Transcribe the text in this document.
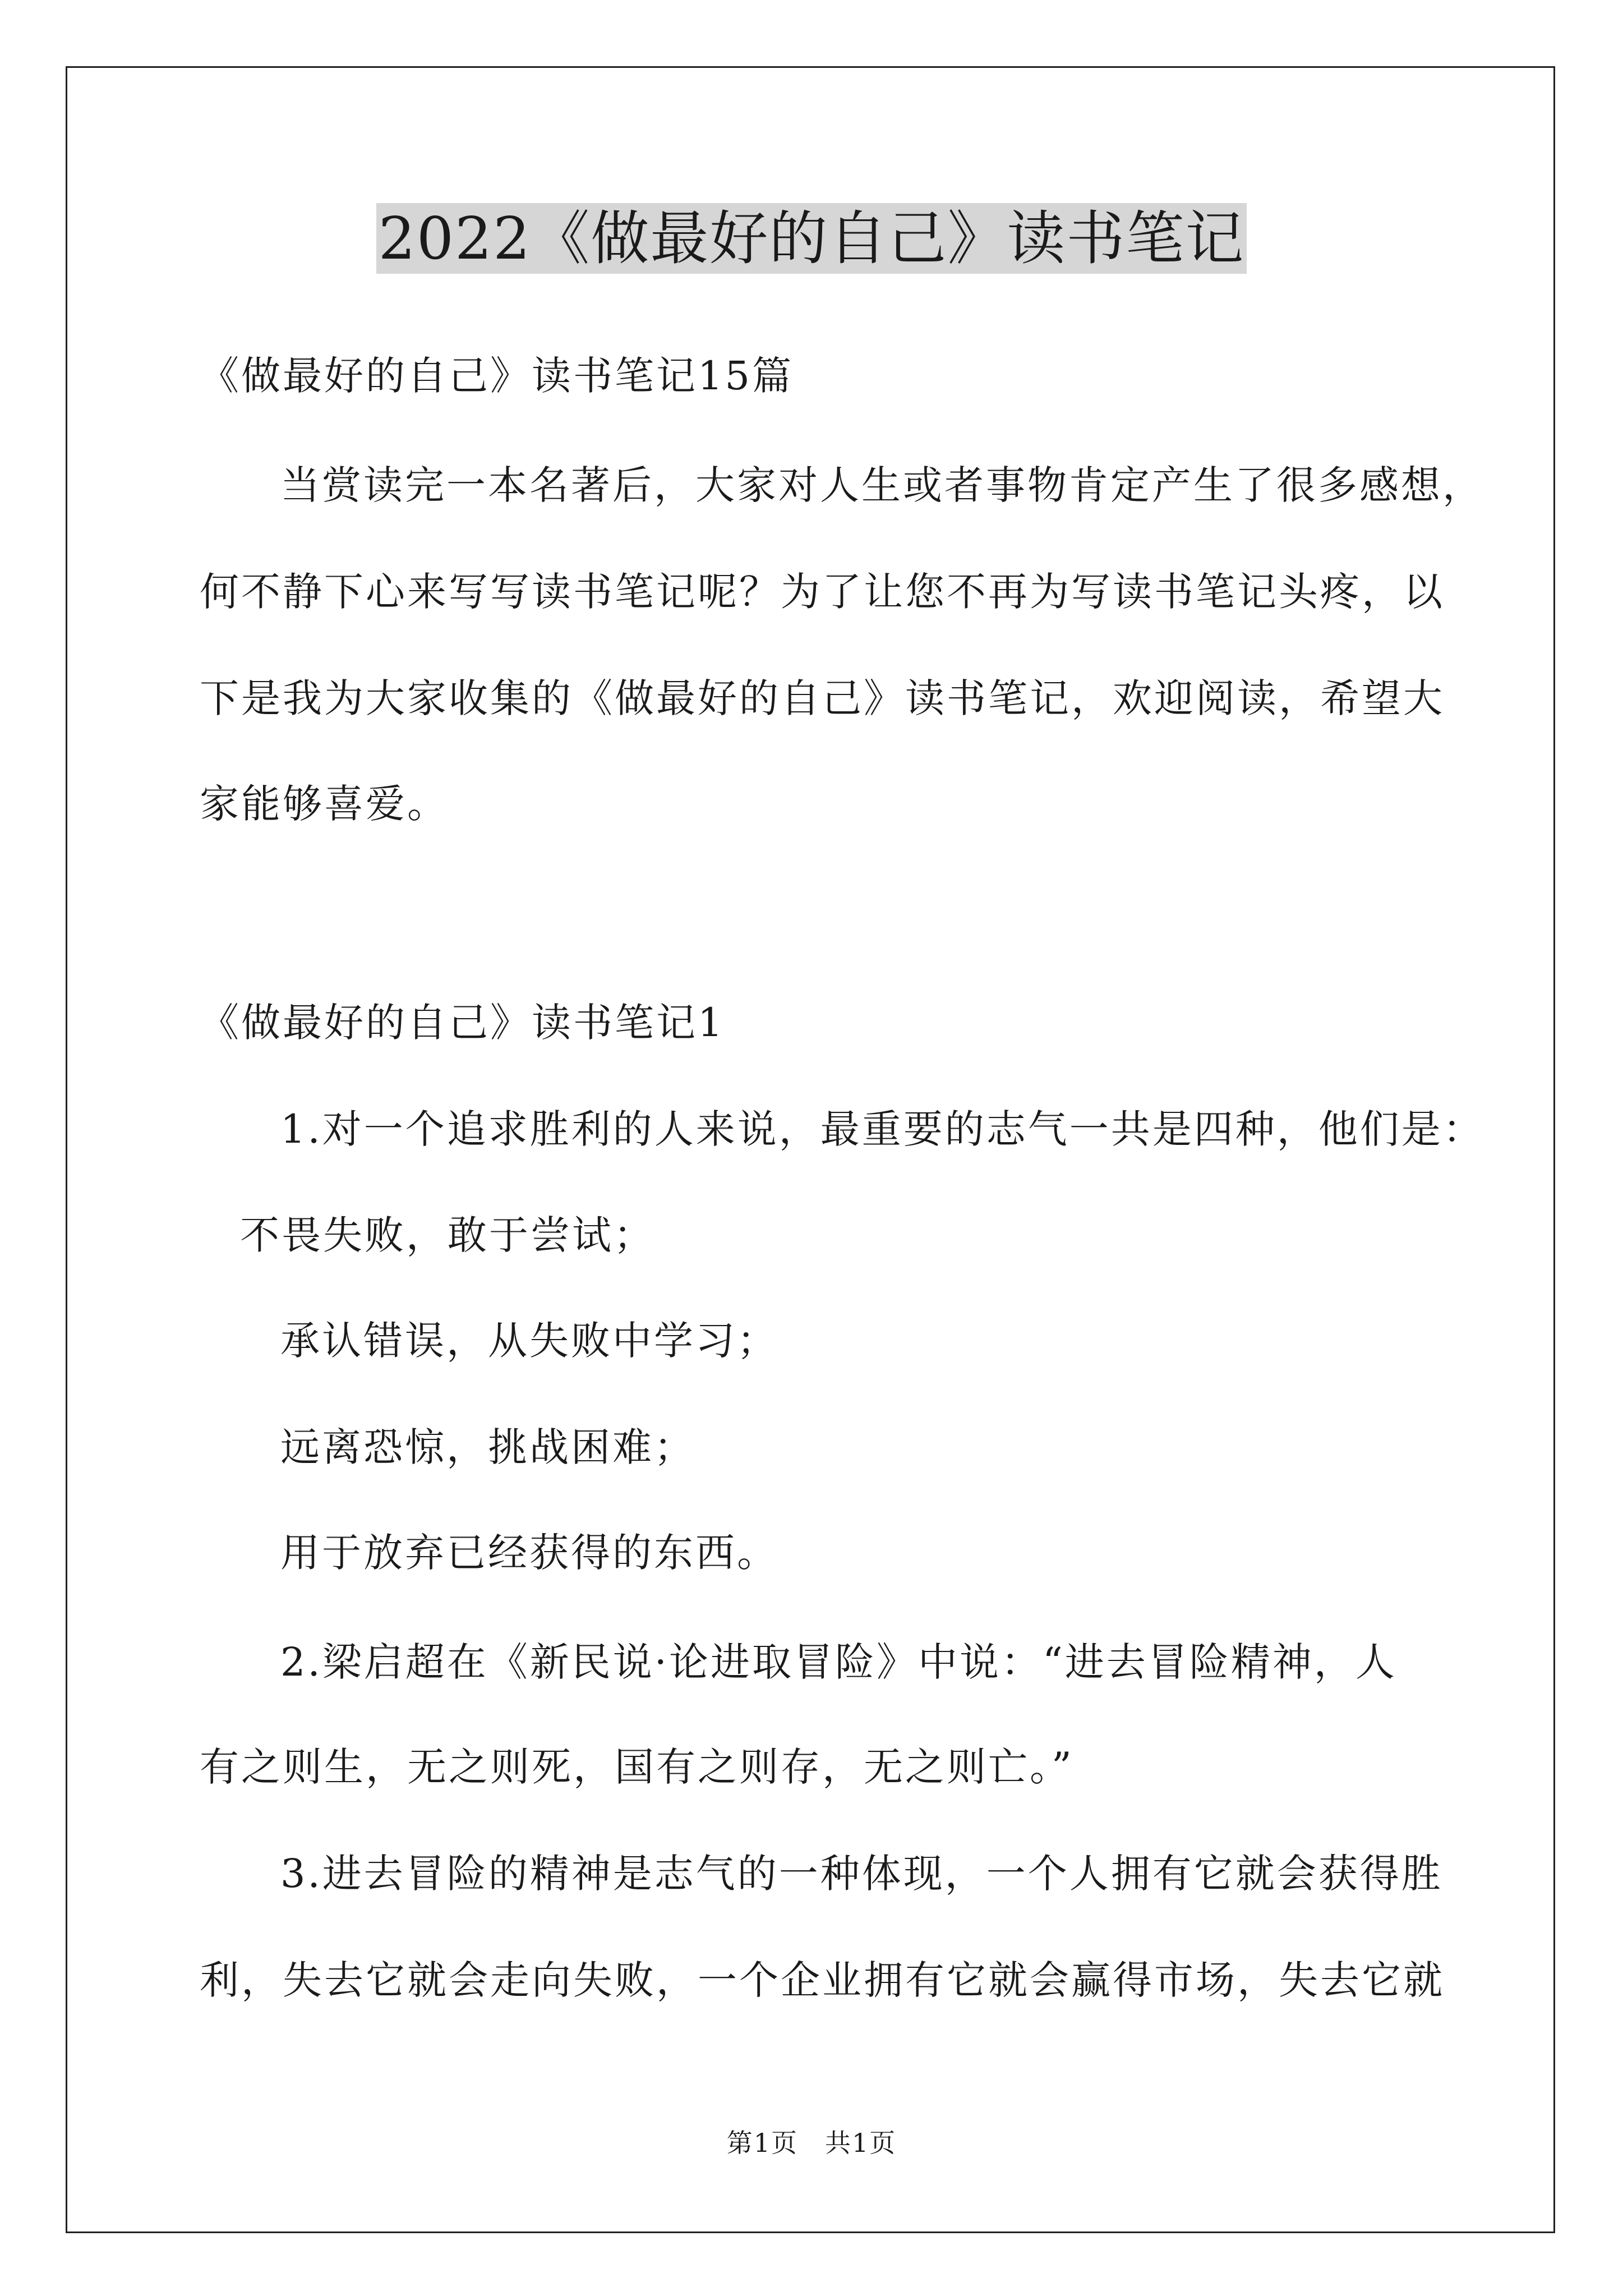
2022《做最好的自己》读书笔记
《做最好的自己》读书笔记15篇
当赏读完一本名著后，大家对人生或者事物肯定产生了很多感想，
何不静下心来写写读书笔记呢？为了让您不再为写读书笔记头疼，以
下是我为大家收集的《做最好的自己》读书笔记，欢迎阅读，希望大
家能够喜爱。
《做最好的自己》读书笔记1
1.对一个追求胜利的人来说，最重要的志气一共是四种，他们是：
不畏失败，敢于尝试；
承认错误，从失败中学习；
远离恐惊，挑战困难；
用于放弃已经获得的东西。
2.梁启超在《新民说·论进取冒险》中说：“进去冒险精神，人
有之则生，无之则死，国有之则存，无之则亡。”
3.进去冒险的精神是志气的一种体现，一个人拥有它就会获得胜
利，失去它就会走向失败，一个企业拥有它就会赢得市场，失去它就
第1页　共1页
